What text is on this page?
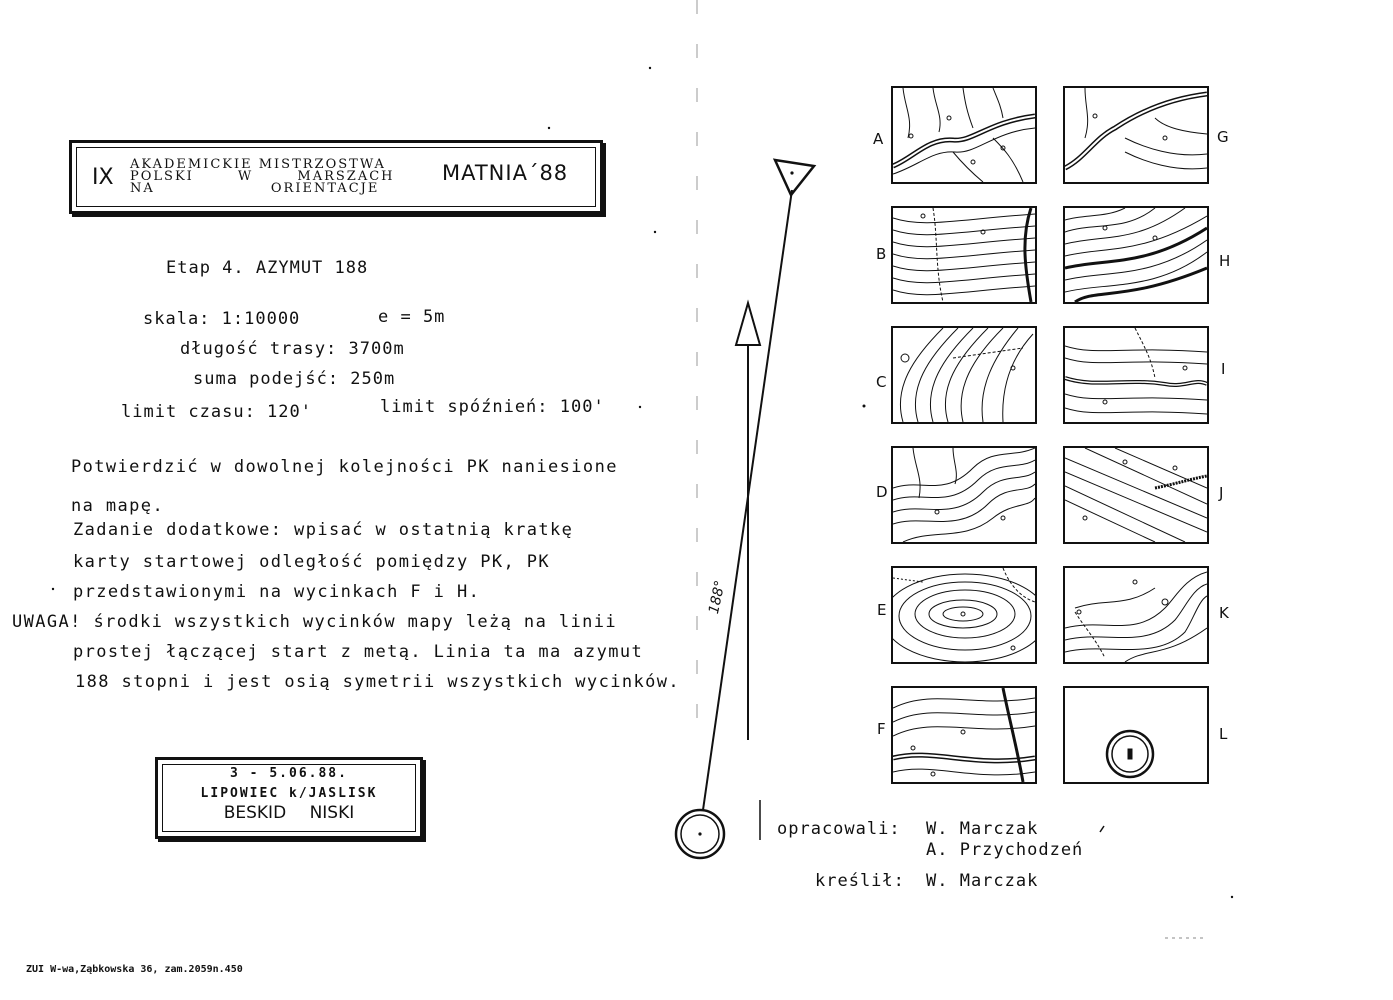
IX
AKADEMICKIE MISTRZOSTWA
POLSKI W MARSZACH
NA ORIENTACJE
MATNIA´88
Etap 4. AZYMUT 188
skala: 1:10000	e = 5m
długość trasy: 3700m
suma podejść: 250m
limit czasu: 120'	limit spóźnień: 100'
Potwierdzić w dowolnej kolejności PK naniesione
na mapę.
Zadanie dodatkowe: wpisać w ostatnią kratkę
karty startowej odległość pomiędzy PK, PK
przedstawionymi na wycinkach F i H.
UWAGA! środki wszystkich wycinków mapy leżą na linii
prostej łączącej start z metą. Linia ta ma azymut
188 stopni i jest osią symetrii wszystkich wycinków.
3 - 5.06.88.
LIPOWIEC k/JASLISK
BESKID NISKI
ZUI W-wa,Ząbkowska 36, zam.2059n.450
188°
opracowali: W. Marczak
A. Przychodzeń
kreślił: W. Marczak
A
B
C
D
E
F
G
H
I
J
K
L
